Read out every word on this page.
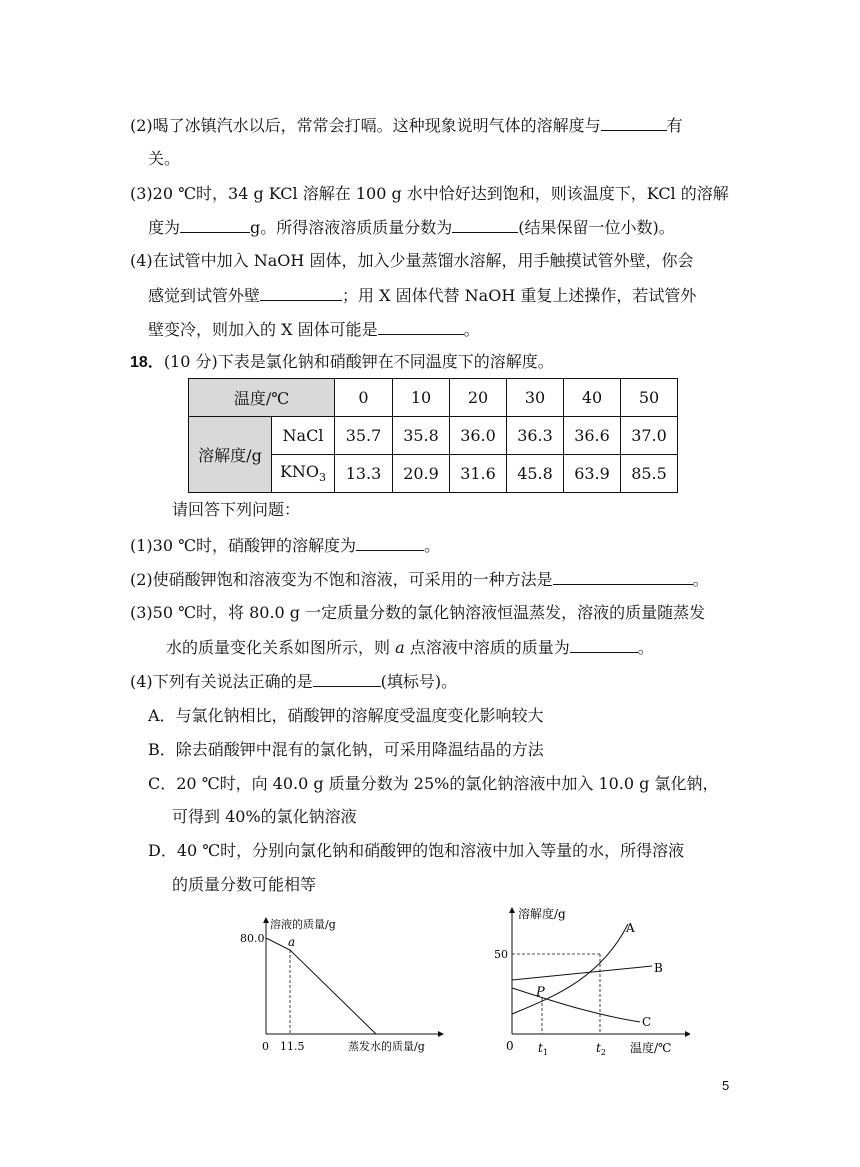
(2)喝了冰镇汽水以后，常常会打嗝。这种现象说明气体的溶解度与	有
关。
(3)20 ℃时，34 g KCl 溶解在 100 g 水中恰好达到饱和，则该温度下，KCl 的溶解
度为	g。所得溶液溶质质量分数为	(结果保留一位小数)。
(4)在试管中加入 NaOH 固体，加入少量蒸馏水溶解，用手触摸试管外壁，你会
感觉到试管外壁	；用 X 固体代替 NaOH 重复上述操作，若试管外
壁变冷，则加入的 X 固体可能是	。
18．(10 分)下表是氯化钠和硝酸钾在不同温度下的溶解度。
温度/℃		0	10	20	30	40	50
溶解度/g	NaCl	35.7	35.8	36.0	36.3	36.6	37.0
	$KNO_3$	13.3	20.9	31.6	45.8	63.9	85.5
请回答下列问题：
(1)30 ℃时，硝酸钾的溶解度为	。
(2)使硝酸钾饱和溶液变为不饱和溶液，可采用的一种方法是	。
(3)50 ℃时，将 80.0 g 一定质量分数的氯化钠溶液恒温蒸发，溶液的质量随蒸发
水的质量变化关系如图所示，则 a 点溶液中溶质的质量为	。
(4)下列有关说法正确的是	(填标号)。
A．与氯化钠相比，硝酸钾的溶解度受温度变化影响较大
B．除去硝酸钾中混有的氯化钠，可采用降温结晶的方法
C．20 ℃时，向 40.0 g 质量分数为 25%的氯化钠溶液中加入 10.0 g 氯化钠，
可得到 40%的氯化钠溶液
D．40 ℃时，分别向氯化钠和硝酸钾的饱和溶液中加入等量的水，所得溶液
的质量分数可能相等
溶液的质量/g
80.0 a
0 11.5	蒸发水的质量/g
溶解度/g
50
A
B
C
P
0 $t_1$	$t_2$ 温度/℃
5
